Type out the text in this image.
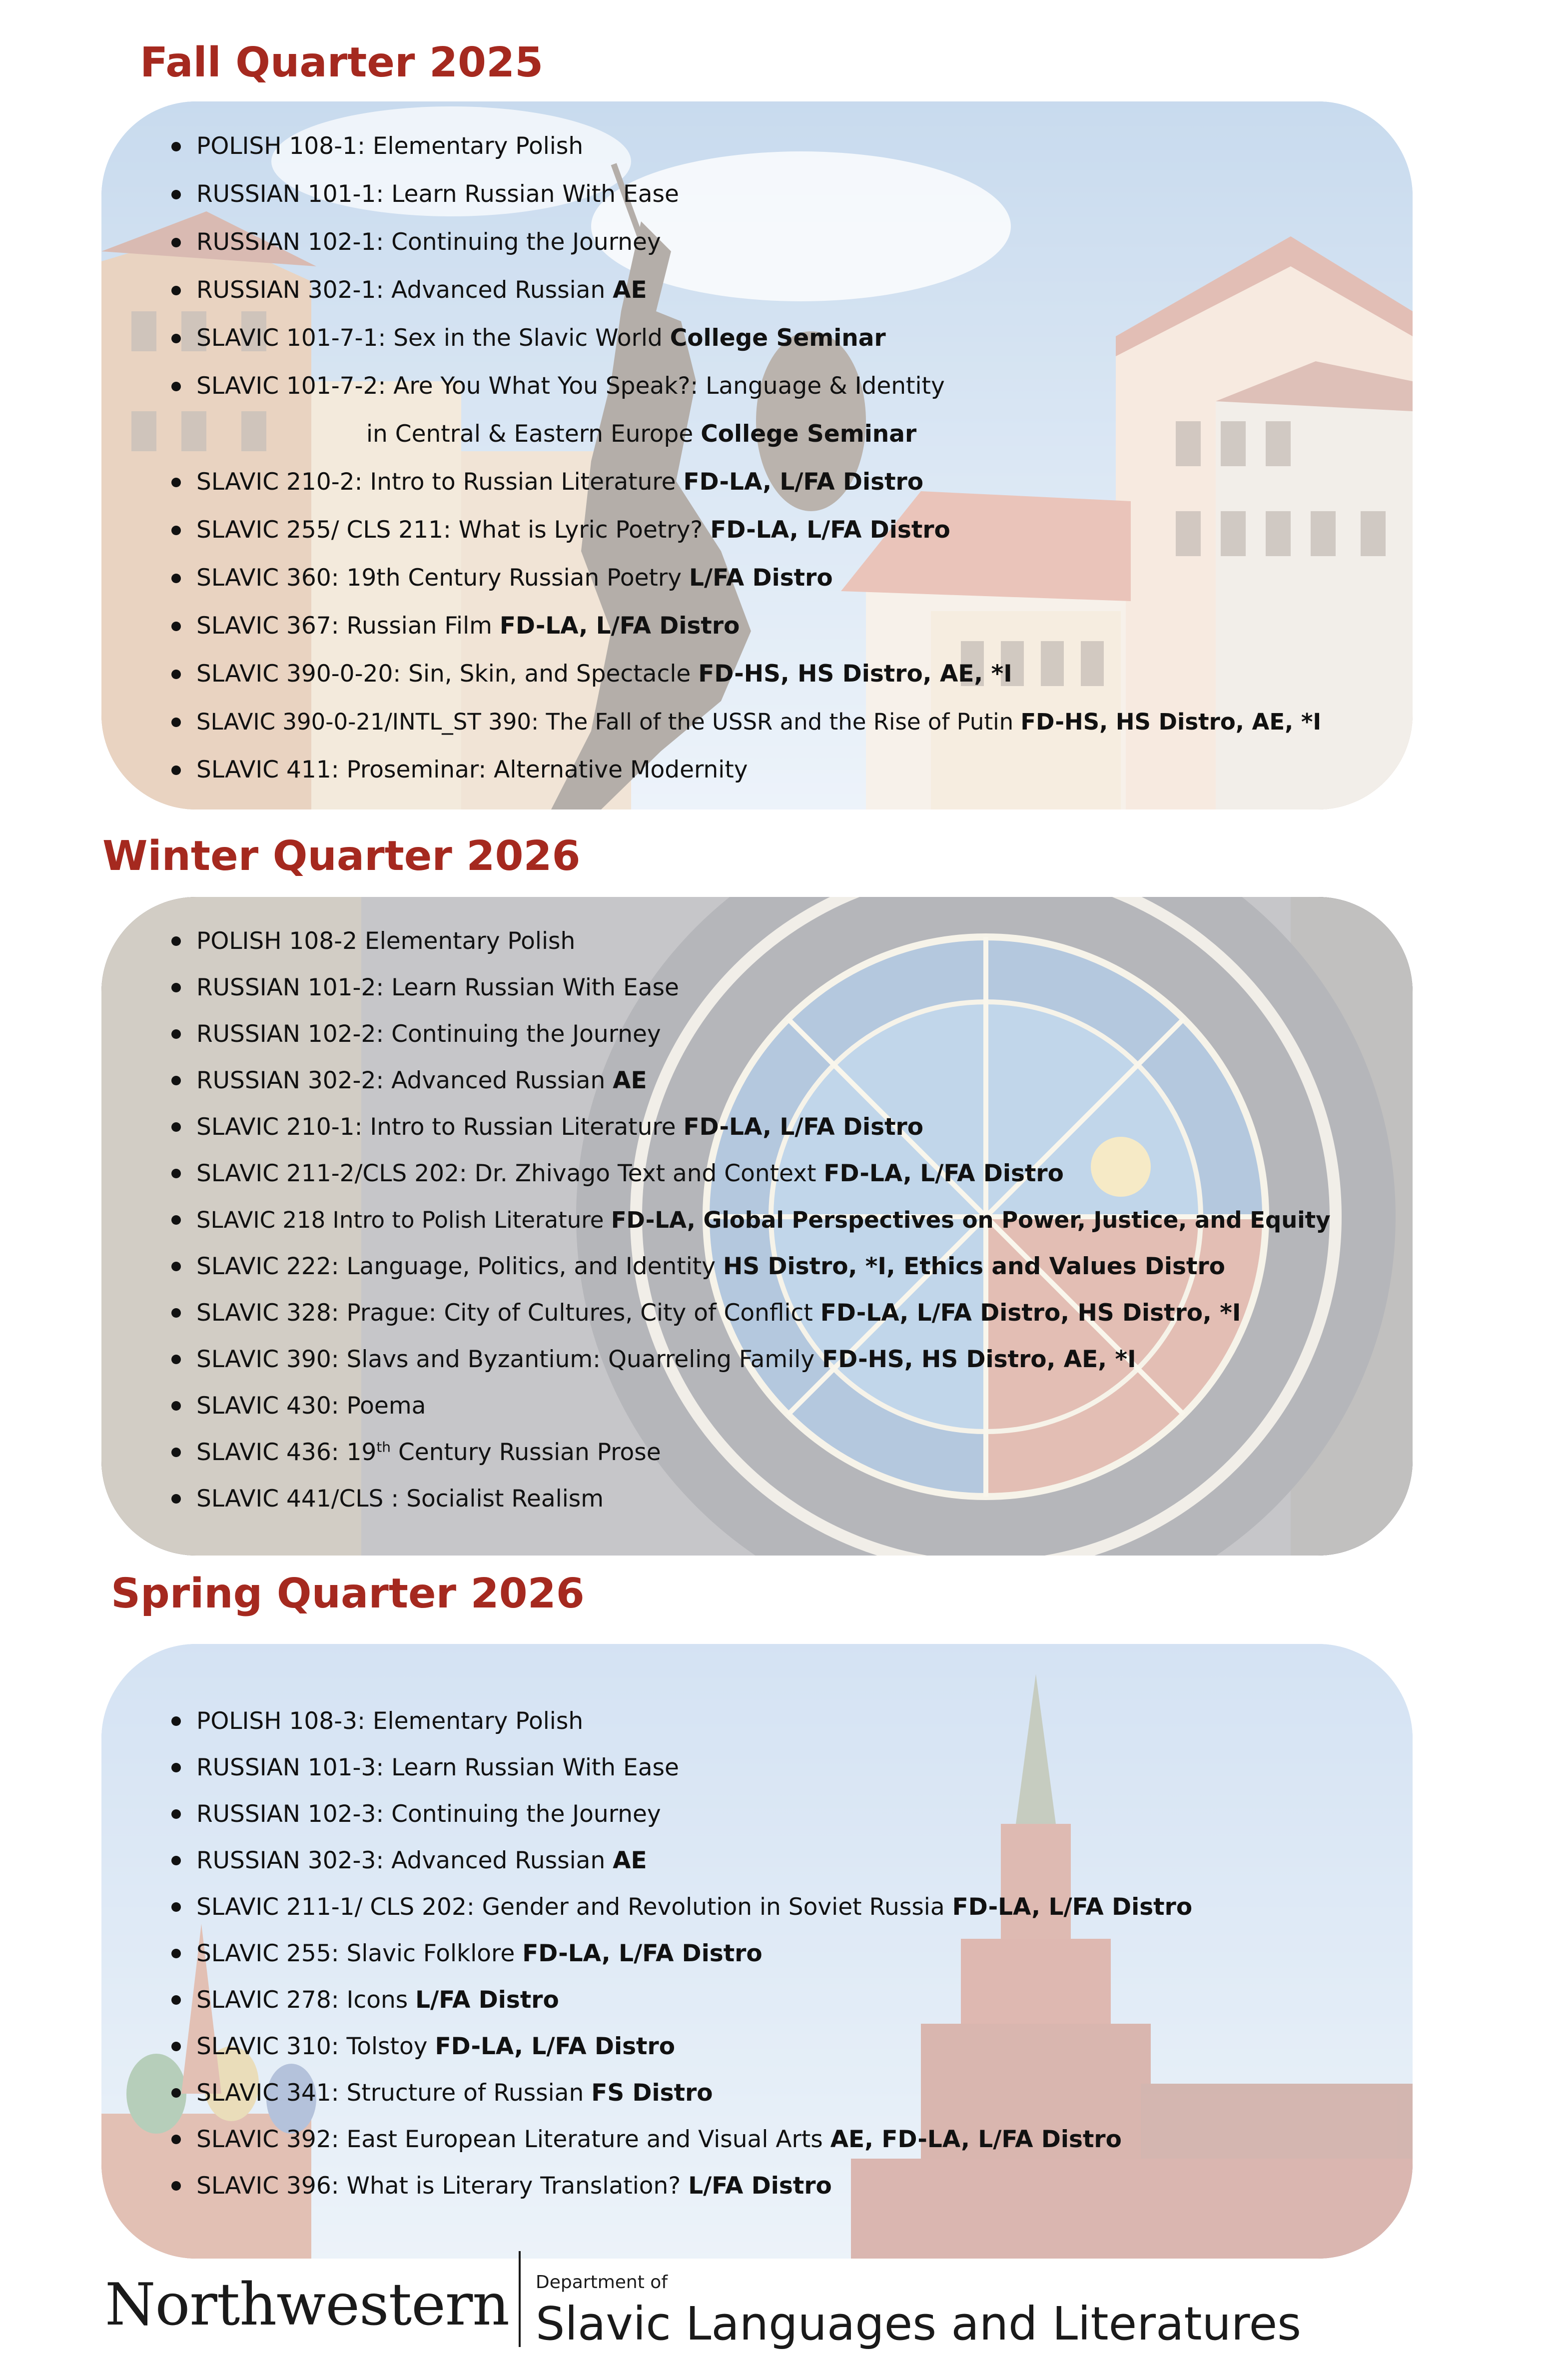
Fall Quarter 2025
POLISH 108-1: Elementary Polish
RUSSIAN 101-1: Learn Russian With Ease
RUSSIAN 102-1: Continuing the Journey
RUSSIAN 302-1: Advanced Russian AE
SLAVIC 101-7-1: Sex in the Slavic World College Seminar
SLAVIC 101-7-2: Are You What You Speak?: Language & Identity
in Central & Eastern Europe College Seminar
SLAVIC 210-2: Intro to Russian Literature FD-LA, L/FA Distro
SLAVIC 255/ CLS 211: What is Lyric Poetry? FD-LA, L/FA Distro
SLAVIC 360: 19th Century Russian Poetry L/FA Distro
SLAVIC 367: Russian Film FD-LA, L/FA Distro
SLAVIC 390-0-20: Sin, Skin, and Spectacle FD-HS, HS Distro, AE, *I
SLAVIC 390-0-21/INTL_ST 390: The Fall of the USSR and the Rise of Putin FD-HS, HS Distro, AE, *I
SLAVIC 411: Proseminar: Alternative Modernity
Winter Quarter 2026
POLISH 108-2 Elementary Polish
RUSSIAN 101-2: Learn Russian With Ease
RUSSIAN 102-2: Continuing the Journey
RUSSIAN 302-2: Advanced Russian AE
SLAVIC 210-1: Intro to Russian Literature FD-LA, L/FA Distro
SLAVIC 211-2/CLS 202: Dr. Zhivago Text and Context FD-LA, L/FA Distro
SLAVIC 218 Intro to Polish Literature FD-LA, Global Perspectives on Power, Justice, and Equity
SLAVIC 222: Language, Politics, and Identity HS Distro, *I, Ethics and Values Distro
SLAVIC 328: Prague: City of Cultures, City of Conflict FD-LA, L/FA Distro, HS Distro, *I
SLAVIC 390: Slavs and Byzantium: Quarreling Family FD-HS, HS Distro, AE, *I
SLAVIC 430: Poema
SLAVIC 436: 19th Century Russian Prose
SLAVIC 441/CLS : Socialist Realism
Spring Quarter 2026
POLISH 108-3: Elementary Polish
RUSSIAN 101-3: Learn Russian With Ease
RUSSIAN 102-3: Continuing the Journey
RUSSIAN 302-3: Advanced Russian AE
SLAVIC 211-1/ CLS 202: Gender and Revolution in Soviet Russia FD-LA, L/FA Distro
SLAVIC 255: Slavic Folklore FD-LA, L/FA Distro
SLAVIC 278: Icons L/FA Distro
SLAVIC 310: Tolstoy FD-LA, L/FA Distro
SLAVIC 341: Structure of Russian FS Distro
SLAVIC 392: East European Literature and Visual Arts AE, FD-LA, L/FA Distro
SLAVIC 396: What is Literary Translation? L/FA Distro
Northwestern Department of
Slavic Languages and Literatures
